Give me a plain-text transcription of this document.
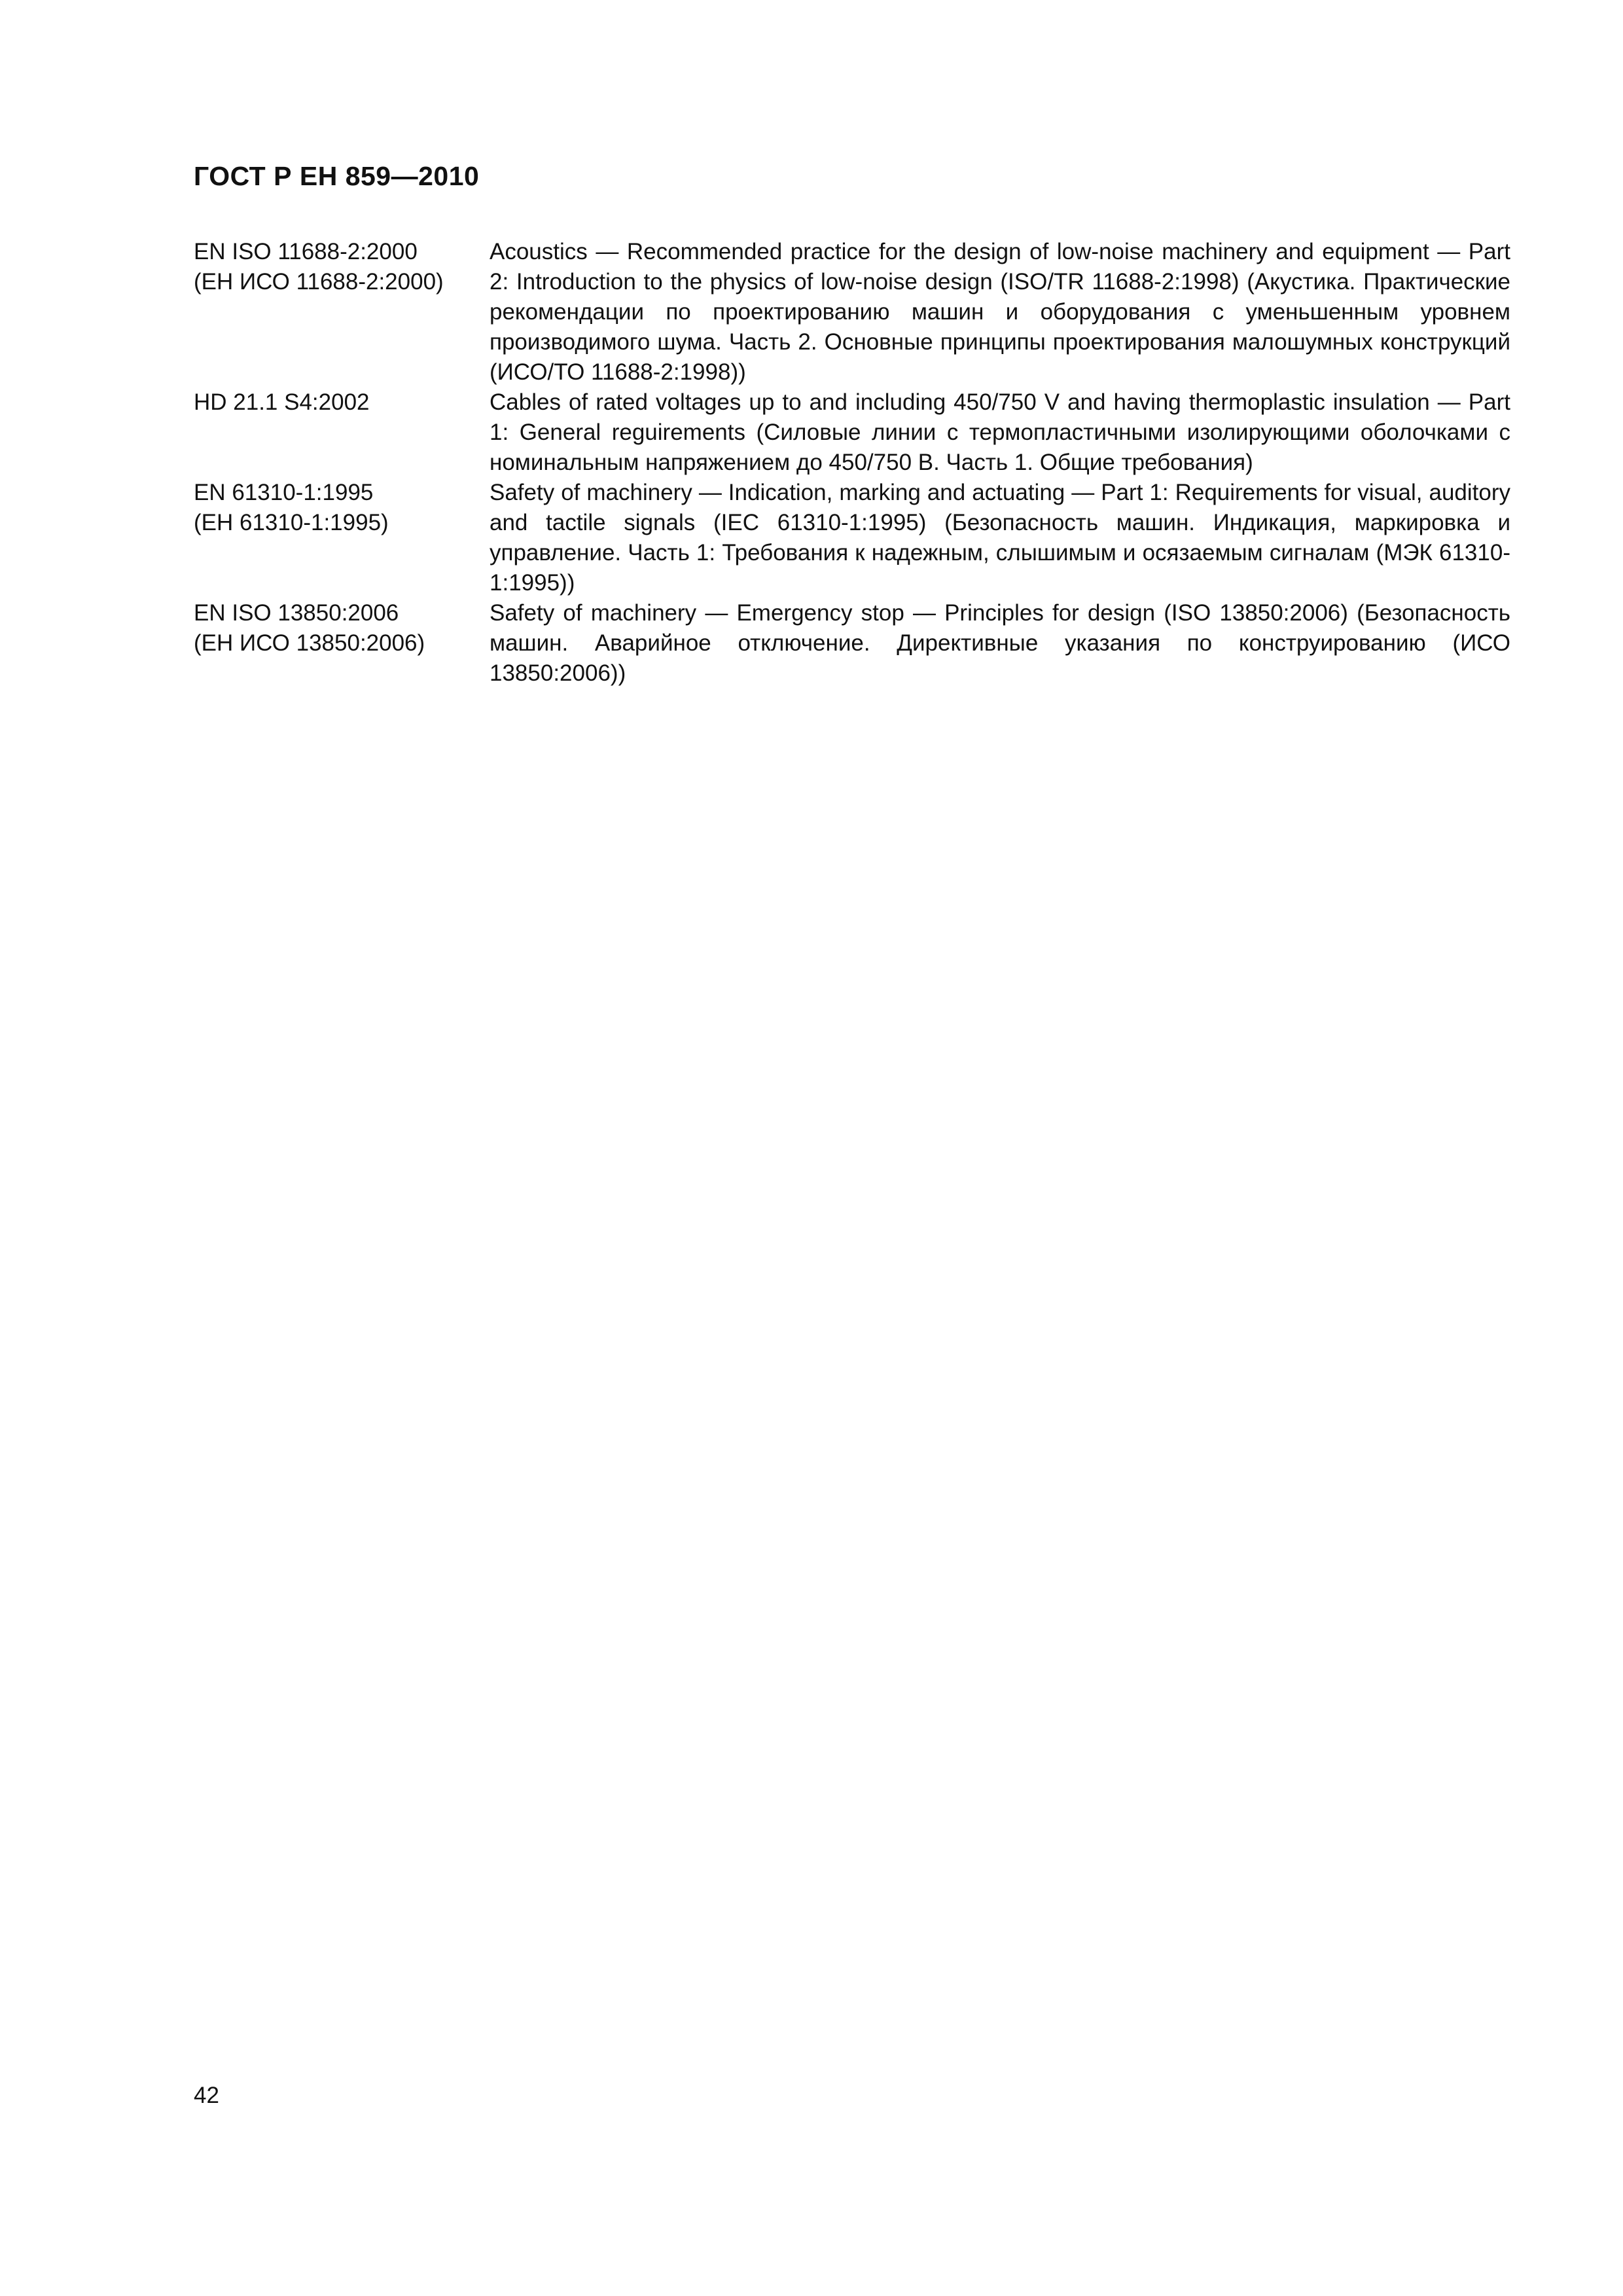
ГОСТ Р ЕН 859—2010
EN ISO 11688-2:2000
(ЕН ИСО 11688-2:2000)
Acoustics — Recommended practice for the design of low-noise machinery and equipment — Part 2: Introduction to the physics of low-noise design (ISO/TR 11688-2:1998) (Акустика. Практические рекомендации по проектированию машин и оборудования с уменьшенным уровнем производимого шума. Часть 2. Основные принципы проектирования малошумных конструкций (ИСО/ТО 11688-2:1998))
HD 21.1 S4:2002	Cables of rated voltages up to and including 450/750 V and having thermoplastic insulation — Part 1: General reguirements (Силовые линии с термопластичными изолирующими оболочками с номинальным напряжением до 450/750 В. Часть 1. Общие требования)
EN 61310-1:1995
(ЕН 61310-1:1995)
Safety of machinery — Indication, marking and actuating — Part 1: Requirements for visual, auditory and tactile signals (IEC 61310-1:1995) (Безопасность машин. Индикация, маркировка и управление. Часть 1: Требования к надежным, слышимым и осязаемым сигналам (МЭК 61310-1:1995))
EN ISO 13850:2006
(ЕН ИСО 13850:2006)
Safety of machinery — Emergency stop — Principles for design (ISO 13850:2006) (Безопасность машин. Аварийное отключение. Директивные указания по конструированию (ИСО 13850:2006))
42
